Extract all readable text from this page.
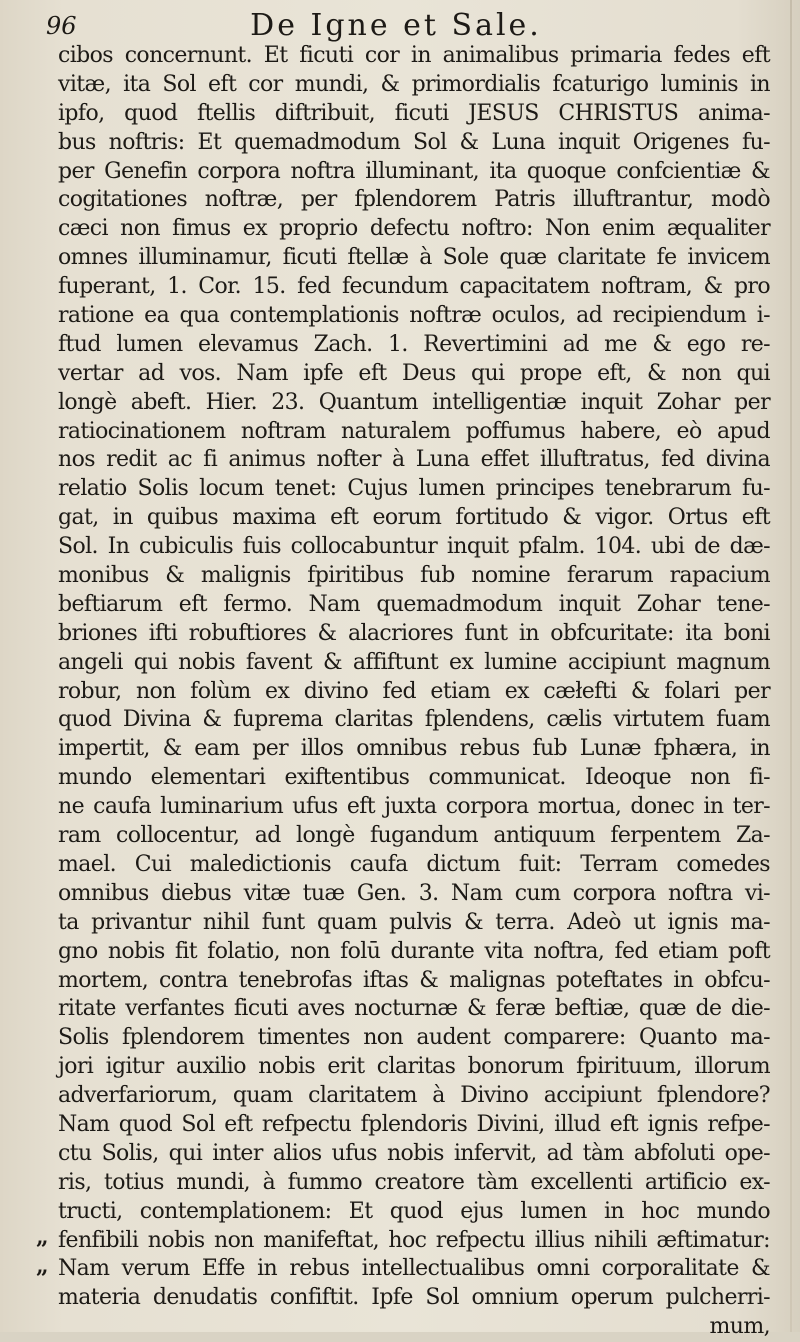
96	De Igne et Sale.
„
„
cibos concernunt. Et ficuti cor in animalibus primaria fedes eft
vitæ, ita Sol eft cor mundi, & primordialis fcaturigo luminis in
ipfo, quod ftellis diftribuit, ficuti JESUS CHRISTUS anima-
bus noftris: Et quemadmodum Sol & Luna inquit Origenes fu-
per Genefin corpora noftra illuminant, ita quoque confcientiæ &
cogitationes noftræ, per fplendorem Patris illuftrantur, modò
cæci non fimus ex proprio defectu noftro: Non enim æqualiter
omnes illuminamur, ficuti ftellæ à Sole quæ claritate fe invicem
fuperant, 1. Cor. 15. fed fecundum capacitatem noftram, & pro
ratione ea qua contemplationis noftræ oculos, ad recipiendum i-
ftud lumen elevamus Zach. 1. Revertimini ad me & ego re-
vertar ad vos. Nam ipfe eft Deus qui prope eft, & non qui
longè abeft. Hier. 23. Quantum intelligentiæ inquit Zohar per
ratiocinationem noftram naturalem poffumus habere, eò apud
nos redit ac fi animus nofter à Luna effet illuftratus, fed divina
relatio Solis locum tenet: Cujus lumen principes tenebrarum fu-
gat, in quibus maxima eft eorum fortitudo & vigor. Ortus eft
Sol. In cubiculis fuis collocabuntur inquit pfalm. 104. ubi de dæ-
monibus & malignis fpiritibus fub nomine ferarum rapacium
beftiarum eft fermo. Nam quemadmodum inquit Zohar tene-
briones ifti robuftiores & alacriores funt in obfcuritate: ita boni
angeli qui nobis favent & affiftunt ex lumine accipiunt magnum
robur, non folùm ex divino fed etiam ex cæłefti & folari per
quod Divina & fuprema claritas fplendens, cælis virtutem fuam
impertit, & eam per illos omnibus rebus fub Lunæ fphæra, in
mundo elementari exiftentibus communicat. Ideoque non fi-
ne caufa luminarium ufus eft juxta corpora mortua, donec in ter-
ram collocentur, ad longè fugandum antiquum ferpentem Za-
mael. Cui maledictionis caufa dictum fuit: Terram comedes
omnibus diebus vitæ tuæ Gen. 3. Nam cum corpora noftra vi-
ta privantur nihil funt quam pulvis & terra. Adeò ut ignis ma-
gno nobis fit folatio, non folū durante vita noftra, fed etiam poft
mortem, contra tenebrofas iftas & malignas poteftates in obfcu-
ritate verfantes ficuti aves nocturnæ & feræ beftiæ, quæ de die-
Solis fplendorem timentes non audent comparere: Quanto ma-
jori igitur auxilio nobis erit claritas bonorum fpirituum, illorum
adverfariorum, quam claritatem à Divino accipiunt fplendore?
Nam quod Sol eft refpectu fplendoris Divini, illud eft ignis refpe-
ctu Solis, qui inter alios ufus nobis infervit, ad tàm abfoluti ope-
ris, totius mundi, à fummo creatore tàm excellenti artificio ex-
tructi, contemplationem: Et quod ejus lumen in hoc mundo
fenfibili nobis non manifeftat, hoc refpectu illius nihili æftimatur:
Nam verum Effe in rebus intellectualibus omni corporalitate &
materia denudatis confiftit. Ipfe Sol omnium operum pulcherri-
mum,
